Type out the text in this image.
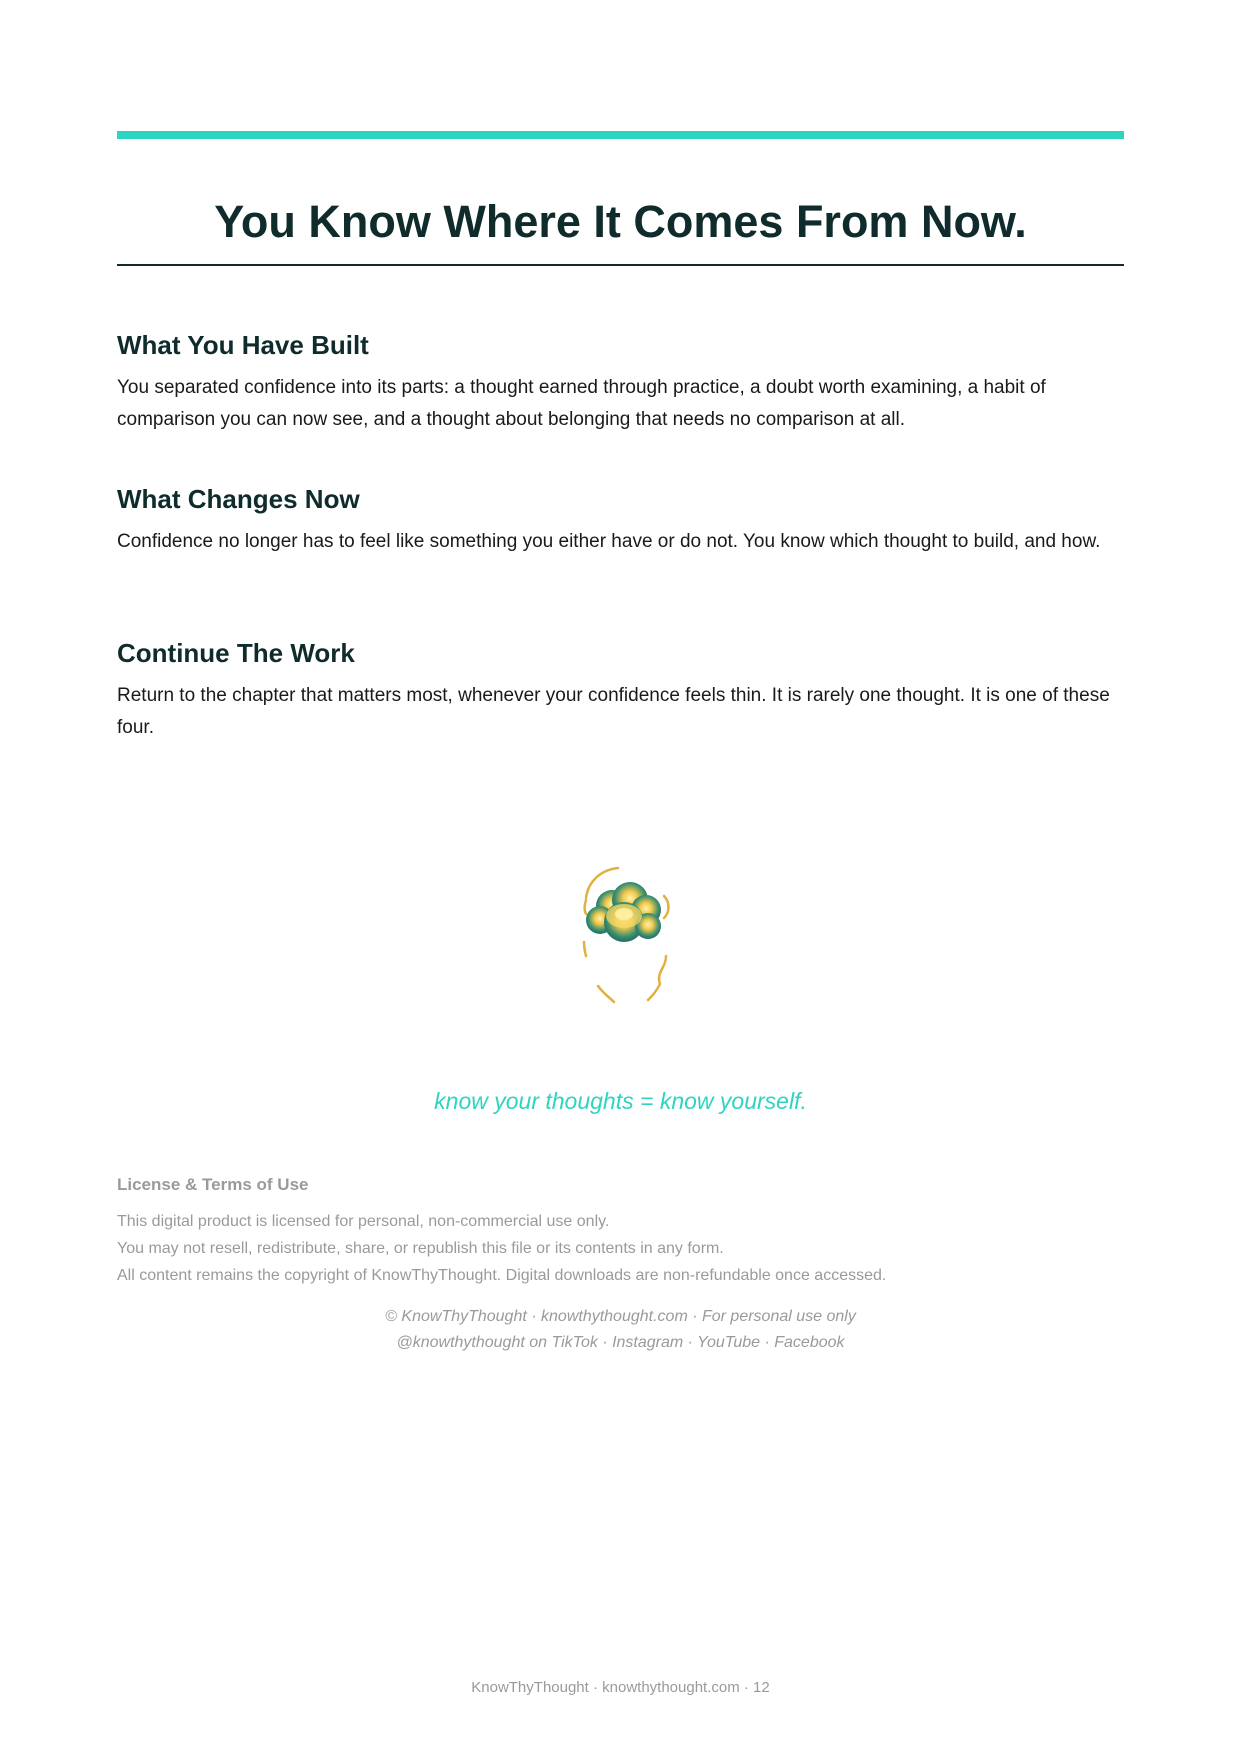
You Know Where It Comes From Now.
What You Have Built

You separated confidence into its parts: a thought earned through practice, a doubt worth examining, a habit of comparison you can now see, and a thought about belonging that needs no comparison at all.

What Changes Now

Confidence no longer has to feel like something you either have or do not. You know which thought to build, and how.

Continue The Work

Return to the chapter that matters most, whenever your confidence feels thin. It is rarely one thought. It is one of these four.

know your thoughts = know yourself.

License & Terms of Use
This digital product is licensed for personal, non-commercial use only.
You may not resell, redistribute, share, or republish this file or its contents in any form.
All content remains the copyright of KnowThyThought. Digital downloads are non-refundable once accessed.
© KnowThyThought · knowthythought.com · For personal use only
@knowthythought on TikTok · Instagram · YouTube · Facebook
KnowThyThought · knowthythought.com · 12
